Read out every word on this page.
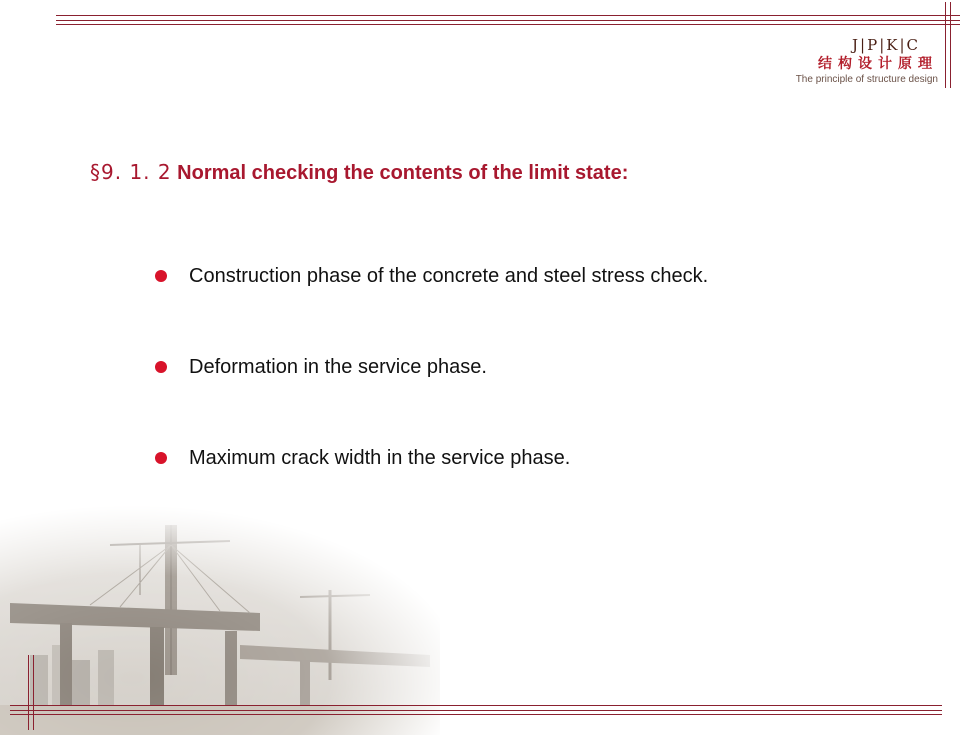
J|P|K|C
结构设计原理
The principle of structure design
§9. 1. 2 Normal checking the contents of the limit state:
Construction phase of the concrete and steel stress check.
Deformation in the service phase.
Maximum crack width in the service phase.
